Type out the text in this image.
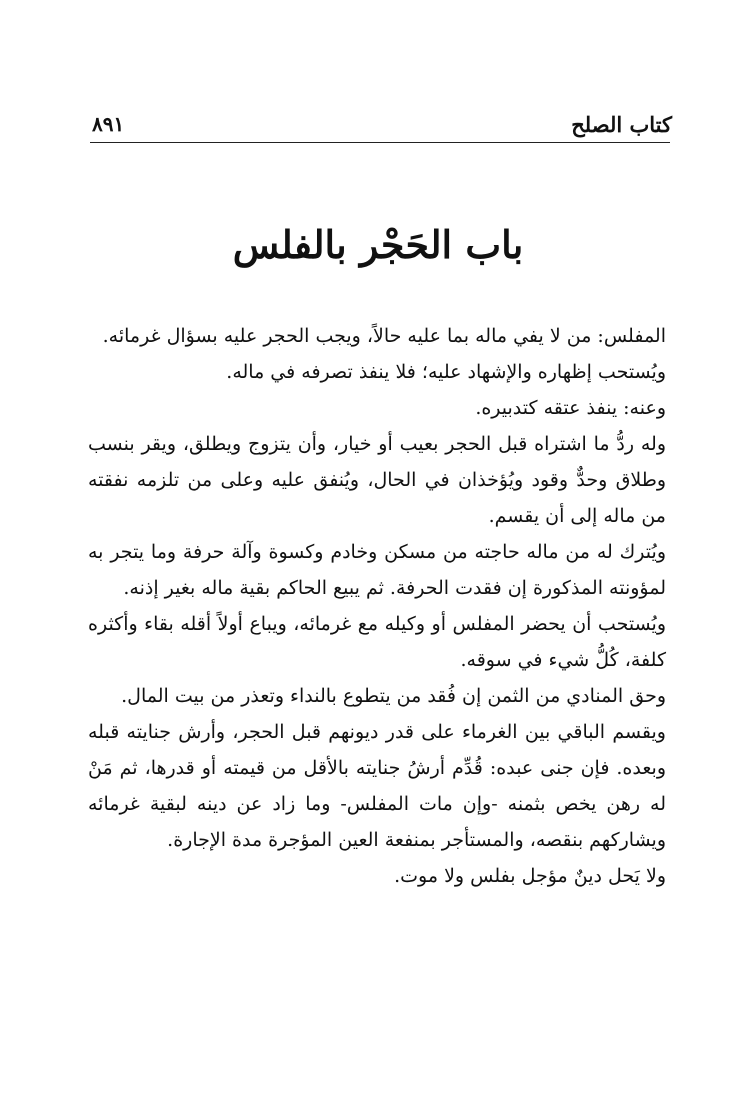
كتاب الصلح
٨٩١
باب الحَجْر بالفلس

المفلس: من لا يفي ماله بما عليه حالاً، ويجب الحجر عليه بسؤال غرمائه.

ويُستحب إظهاره والإشهاد عليه؛ فلا ينفذ تصرفه في ماله.

وعنه: ينفذ عتقه كتدبيره.

وله ردُّ ما اشتراه قبل الحجر بعيب أو خيار، وأن يتزوج ويطلق، ويقر بنسب وطلاق وحدٌّ وقود ويُؤخذان في الحال، ويُنفق عليه وعلى من تلزمه نفقته من ماله إلى أن يقسم.

ويُترك له من ماله حاجته من مسكن وخادم وكسوة وآلة حرفة وما يتجر به لمؤونته المذكورة إن فقدت الحرفة. ثم يبيع الحاكم بقية ماله بغير إذنه.

ويُستحب أن يحضر المفلس أو وكيله مع غرمائه، ويباع أولاً أقله بقاء وأكثره كلفة، كُلُّ شيء في سوقه.

وحق المنادي من الثمن إن فُقد من يتطوع بالنداء وتعذر من بيت المال.

ويقسم الباقي بين الغرماء على قدر ديونهم قبل الحجر، وأرش جنايته قبله وبعده. فإن جنى عبده: قُدِّم أرشُ جنايته بالأقل من قيمته أو قدرها، ثم مَنْ له رهن يخص بثمنه -وإن مات المفلس- وما زاد عن دينه لبقية غرمائه ويشاركهم بنقصه، والمستأجر بمنفعة العين المؤجرة مدة الإجارة.

ولا يَحل دينٌ مؤجل بفلس ولا موت.
